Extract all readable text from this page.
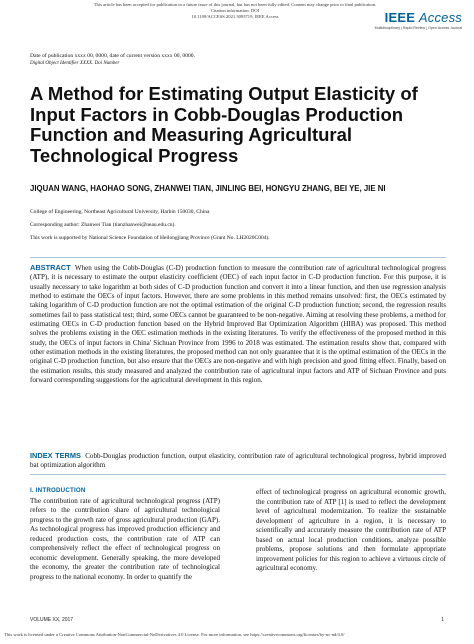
This article has been accepted for publication in a future issue of this journal, but has not been fully edited. Content may change prior to final publication. Citation information: DOI
10.1109/ACCESS.2021.3093719, IEEE Access	IEEE Access
Multidisciplinary | Rapid Review | Open Access Journal
Date of publication xxxx 00, 0000, date of current version xxxx 00, 0000.
Digital Object Identifier XXXX. Doi Number
A Method for Estimating Output Elasticity of Input Factors in Cobb-Douglas Production Function and Measuring Agricultural Technological Progress
JIQUAN WANG, HAOHAO SONG, ZHANWEI TIAN, JINLING BEI, HONGYU ZHANG, BEI YE, JIE NI
College of Engineering, Northeast Agricultural University, Harbin 150030, China
Corresponding author: Zhanwei Tian (tianzhanwei@neau.edu.cn).
This work is supported by National Science Foundation of Heilongjiang Province (Grant No. LH2020C004).
ABSTRACT When using the Cobb-Douglas (C-D) production function to measure the contribution rate of agricultural technological progress (ATP), it is necessary to estimate the output elasticity coefficient (OEC) of each input factor in C-D production function. For this purpose, it is usually necessary to take logarithm at both sides of C-D production function and convert it into a linear function, and then use regression analysis method to estimate the OECs of input factors. However, there are some problems in this method remains unsolved: first, the OECs estimated by taking logarithm of C-D production function are not the optimal estimation of the original C-D production function; second, the regression results sometimes fail to pass statistical test; third, some OECs cannot be guaranteed to be non-negative. Aiming at resolving these problems, a method for estimating OECs in C-D production function based on the Hybrid Improved Bat Optimization Algorithm (HIBA) was proposed. This method solves the problems existing in the OEC estimation methods in the existing literatures. To verify the effectiveness of the proposed method in this study, the OECs of input factors in China' Sichuan Province from 1996 to 2018 was estimated. The estimation results show that, compared with other estimation methods in the existing literatures, the proposed method can not only guarantee that it is the optimal estimation of the OECs in the original C-D production function, but also ensure that the OECs are non-negative and with high precision and good fitting effect. Finally, based on the estimation results, this study measured and analyzed the contribution rate of agricultural input factors and ATP of Sichuan Province and puts forward corresponding suggestions for the agricultural development in this region.
INDEX TERMS Cobb-Douglas production function, output elasticity, contribution rate of agricultural technological progress, hybrid improved bat optimization algorithm
I. INTRODUCTION
The contribution rate of agricultural technological progress (ATP) refers to the contribution share of agricultural technological progress to the growth rate of gross agricultural production (GAP). As technological progress has improved production efficiency and reduced production costs, the contribution rate of ATP can comprehensively reflect the effect of technological progress on economic development. Generally speaking, the more developed the economy, the greater the contribution rate of technological progress to the national economy. In order to quantify the
effect of technological progress on agricultural economic growth, the contribution rate of ATP [1] is used to reflect the development level of agricultural modernization. To realize the sustainable development of agriculture in a region, it is necessary to scientifically and accurately measure the contribution rate of ATP based on actual local production conditions, analyze possible problems, propose solutions and then formulate appropriate improvement policies for this region to achieve a virtuous circle of agricultural economy.
VOLUME XX, 2017	1
This work is licensed under a Creative Commons Attribution-NonCommercial-NoDerivatives 4.0 License. For more information, see https://creativecommons.org/licenses/by-nc-nd/4.0/
